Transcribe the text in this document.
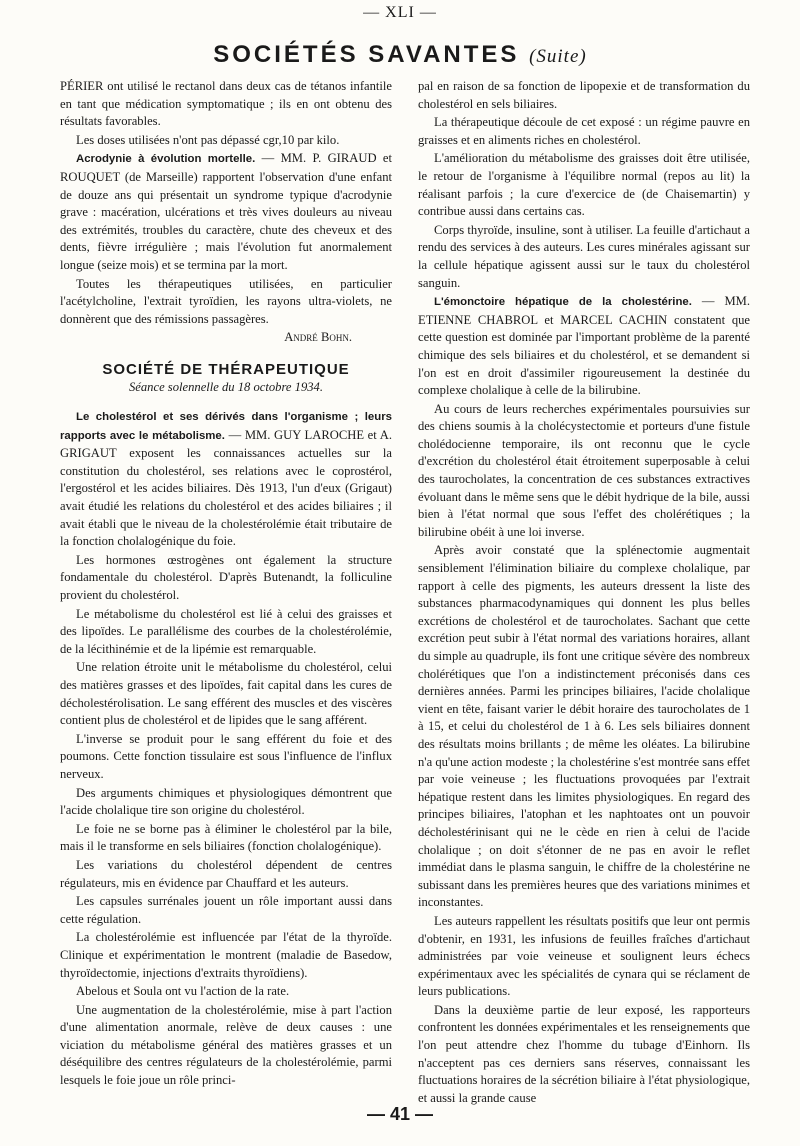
— XLI —
SOCIÉTÉS SAVANTES (Suite)

PÉRIER ont utilisé le rectanol dans deux cas de tétanos infantile en tant que médication symptomatique ; ils en ont obtenu des résultats favorables.

Les doses utilisées n'ont pas dépassé cgr,10 par kilo.

Acrodynie à évolution mortelle. — MM. P. GIRAUD et ROUQUET (de Marseille) rapportent l'observation d'une enfant de douze ans qui présentait un syndrome typique d'acrodynie grave : macération, ulcérations et très vives douleurs au niveau des extrémités, troubles du caractère, chute des cheveux et des dents, fièvre irrégulière ; mais l'évolution fut anormalement longue (seize mois) et se termina par la mort.

Toutes les thérapeutiques utilisées, en particulier l'acétylcholine, l'extrait tyroïdien, les rayons ultra-violets, ne donnèrent que des rémissions passagères.

André Bohn.
SOCIÉTÉ DE THÉRAPEUTIQUE
Séance solennelle du 18 octobre 1934.

Le cholestérol et ses dérivés dans l'organisme ; leurs rapports avec le métabolisme. — MM. GUY LAROCHE et A. GRIGAUT exposent les connaissances actuelles sur la constitution du cholestérol, ses relations avec le coprostérol, l'ergostérol et les acides biliaires. Dès 1913, l'un d'eux (Grigaut) avait étudié les relations du cholestérol et des acides biliaires ; il avait établi que le niveau de la cholestérolémie était tributaire de la fonction cholalogénique du foie.

Les hormones œstrogènes ont également la structure fondamentale du cholestérol. D'après Butenandt, la folliculine provient du cholestérol.

Le métabolisme du cholestérol est lié à celui des graisses et des lipoïdes. Le parallélisme des courbes de la cholestérolémie, de la lécithinémie et de la lipémie est remarquable.

Une relation étroite unit le métabolisme du cholestérol, celui des matières grasses et des lipoïdes, fait capital dans les cures de décholestérolisation. Le sang efférent des muscles et des viscères contient plus de cholestérol et de lipides que le sang afférent.

L'inverse se produit pour le sang efférent du foie et des poumons. Cette fonction tissulaire est sous l'influence de l'influx nerveux.

Des arguments chimiques et physiologiques démontrent que l'acide cholalique tire son origine du cholestérol.

Le foie ne se borne pas à éliminer le cholestérol par la bile, mais il le transforme en sels biliaires (fonction cholalogénique).

Les variations du cholestérol dépendent de centres régulateurs, mis en évidence par Chauffard et les auteurs.

Les capsules surrénales jouent un rôle important aussi dans cette régulation.

La cholestérolémie est influencée par l'état de la thyroïde. Clinique et expérimentation le montrent (maladie de Basedow, thyroïdectomie, injections d'extraits thyroïdiens).

Abelous et Soula ont vu l'action de la rate.

Une augmentation de la cholestérolémie, mise à part l'action d'une alimentation anormale, relève de deux causes : une viciation du métabolisme général des matières grasses et un déséquilibre des centres régulateurs de la cholestérolémie, parmi lesquels le foie joue un rôle princi-

pal en raison de sa fonction de lipopexie et de transformation du cholestérol en sels biliaires.

La thérapeutique découle de cet exposé : un régime pauvre en graisses et en aliments riches en cholestérol.

L'amélioration du métabolisme des graisses doit être utilisée, le retour de l'organisme à l'équilibre normal (repos au lit) la réalisant parfois ; la cure d'exercice de (de Chaisemartin) y contribue aussi dans certains cas.

Corps thyroïde, insuline, sont à utiliser. La feuille d'artichaut a rendu des services à des auteurs. Les cures minérales agissant sur la cellule hépatique agissent aussi sur le taux du cholestérol sanguin.

L'émonctoire hépatique de la cholestérine. — MM. ETIENNE CHABROL et MARCEL CACHIN constatent que cette question est dominée par l'important problème de la parenté chimique des sels biliaires et du cholestérol, et se demandent si l'on est en droit d'assimiler rigoureusement la destinée du complexe cholalique à celle de la bilirubine.

Au cours de leurs recherches expérimentales poursuivies sur des chiens soumis à la cholécystectomie et porteurs d'une fistule cholédocienne temporaire, ils ont reconnu que le cycle d'excrétion du cholestérol était étroitement superposable à celui des taurocholates, la concentration de ces substances extractives évoluant dans le même sens que le débit hydrique de la bile, aussi bien à l'état normal que sous l'effet des cholérétiques ; la bilirubine obéit à une loi inverse.

Après avoir constaté que la splénectomie augmentait sensiblement l'élimination biliaire du complexe cholalique, par rapport à celle des pigments, les auteurs dressent la liste des substances pharmacodynamiques qui donnent les plus belles excrétions de cholestérol et de taurocholates. Sachant que cette excrétion peut subir à l'état normal des variations horaires, allant du simple au quadruple, ils font une critique sévère des nombreux cholérétiques que l'on a indistinctement préconisés dans ces dernières années. Parmi les principes biliaires, l'acide cholalique vient en tête, faisant varier le débit horaire des taurocholates de 1 à 15, et celui du cholestérol de 1 à 6. Les sels biliaires donnent des résultats moins brillants ; de même les oléates. La bilirubine n'a qu'une action modeste ; la cholestérine s'est montrée sans effet par voie veineuse ; les fluctuations provoquées par l'extrait hépatique restent dans les limites physiologiques. En regard des principes biliaires, l'atophan et les naphtoates ont un pouvoir décholestérinisant qui ne le cède en rien à celui de l'acide cholalique ; on doit s'étonner de ne pas en avoir le reflet immédiat dans le plasma sanguin, le chiffre de la cholestérine ne subissant dans les premières heures que des variations minimes et inconstantes.

Les auteurs rappellent les résultats positifs que leur ont permis d'obtenir, en 1931, les infusions de feuilles fraîches d'artichaut administrées par voie veineuse et soulignent leurs échecs expérimentaux avec les spécialités de cynara qui se réclament de leurs publications.

Dans la deuxième partie de leur exposé, les rapporteurs confrontent les données expérimentales et les renseignements que l'on peut attendre chez l'homme du tubage d'Einhorn. Ils n'acceptent pas ces derniers sans réserves, connaissant les fluctuations horaires de la sécrétion biliaire à l'état physiologique, et aussi la grande cause

— 41 —
